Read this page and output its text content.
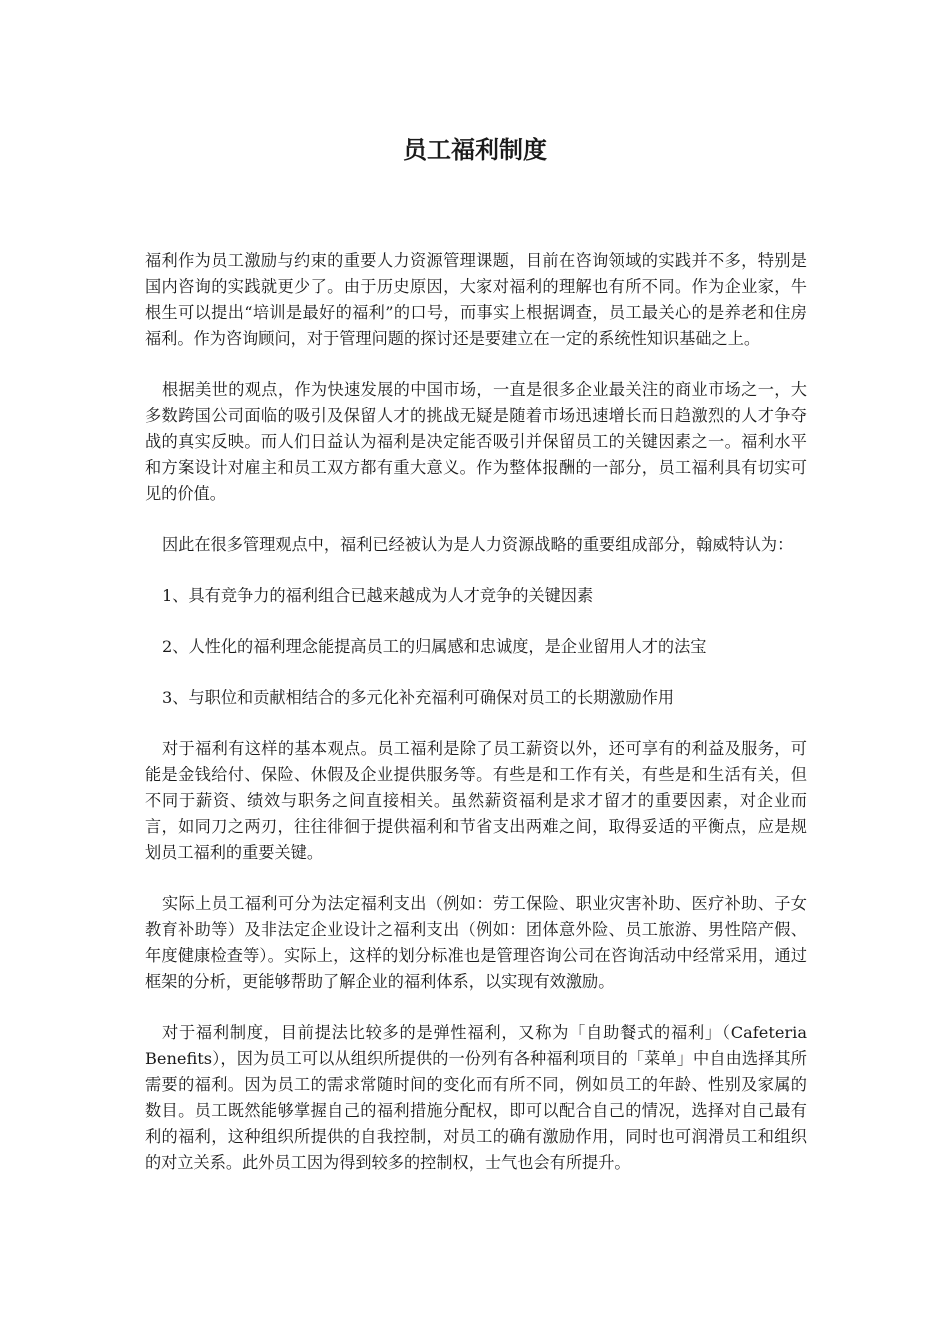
员工福利制度

福利作为员工激励与约束的重要人力资源管理课题，目前在咨询领域的实践并不多，特别是国内咨询的实践就更少了。由于历史原因，大家对福利的理解也有所不同。作为企业家，牛根生可以提出“培训是最好的福利”的口号，而事实上根据调查，员工最关心的是养老和住房福利。作为咨询顾问，对于管理问题的探讨还是要建立在一定的系统性知识基础之上。

根据美世的观点，作为快速发展的中国市场，一直是很多企业最关注的商业市场之一，大多数跨国公司面临的吸引及保留人才的挑战无疑是随着市场迅速增长而日趋激烈的人才争夺战的真实反映。而人们日益认为福利是决定能否吸引并保留员工的关键因素之一。福利水平和方案设计对雇主和员工双方都有重大意义。作为整体报酬的一部分，员工福利具有切实可见的价值。

因此在很多管理观点中，福利已经被认为是人力资源战略的重要组成部分，翰威特认为：

1、具有竞争力的福利组合已越来越成为人才竞争的关键因素

2、人性化的福利理念能提高员工的归属感和忠诚度，是企业留用人才的法宝

3、与职位和贡献相结合的多元化补充福利可确保对员工的长期激励作用

对于福利有这样的基本观点。员工福利是除了员工薪资以外，还可享有的利益及服务，可能是金钱给付、保险、休假及企业提供服务等。有些是和工作有关，有些是和生活有关，但不同于薪资、绩效与职务之间直接相关。虽然薪资福利是求才留才的重要因素，对企业而言，如同刀之两刃，往往徘徊于提供福利和节省支出两难之间，取得妥适的平衡点，应是规划员工福利的重要关键。

实际上员工福利可分为法定福利支出（例如：劳工保险、职业灾害补助、医疗补助、子女教育补助等）及非法定企业设计之福利支出（例如：团体意外险、员工旅游、男性陪产假、年度健康检查等）。实际上，这样的划分标准也是管理咨询公司在咨询活动中经常采用，通过框架的分析，更能够帮助了解企业的福利体系，以实现有效激励。

对于福利制度，目前提法比较多的是弹性福利，又称为「自助餐式的福利」（Cafeteria Benefits），因为员工可以从组织所提供的一份列有各种福利项目的「菜单」中自由选择其所需要的福利。因为员工的需求常随时间的变化而有所不同，例如员工的年龄、性别及家属的数目。员工既然能够掌握自己的福利措施分配权，即可以配合自己的情况，选择对自己最有利的福利，这种组织所提供的自我控制，对员工的确有激励作用，同时也可润滑员工和组织的对立关系。此外员工因为得到较多的控制权，士气也会有所提升。
